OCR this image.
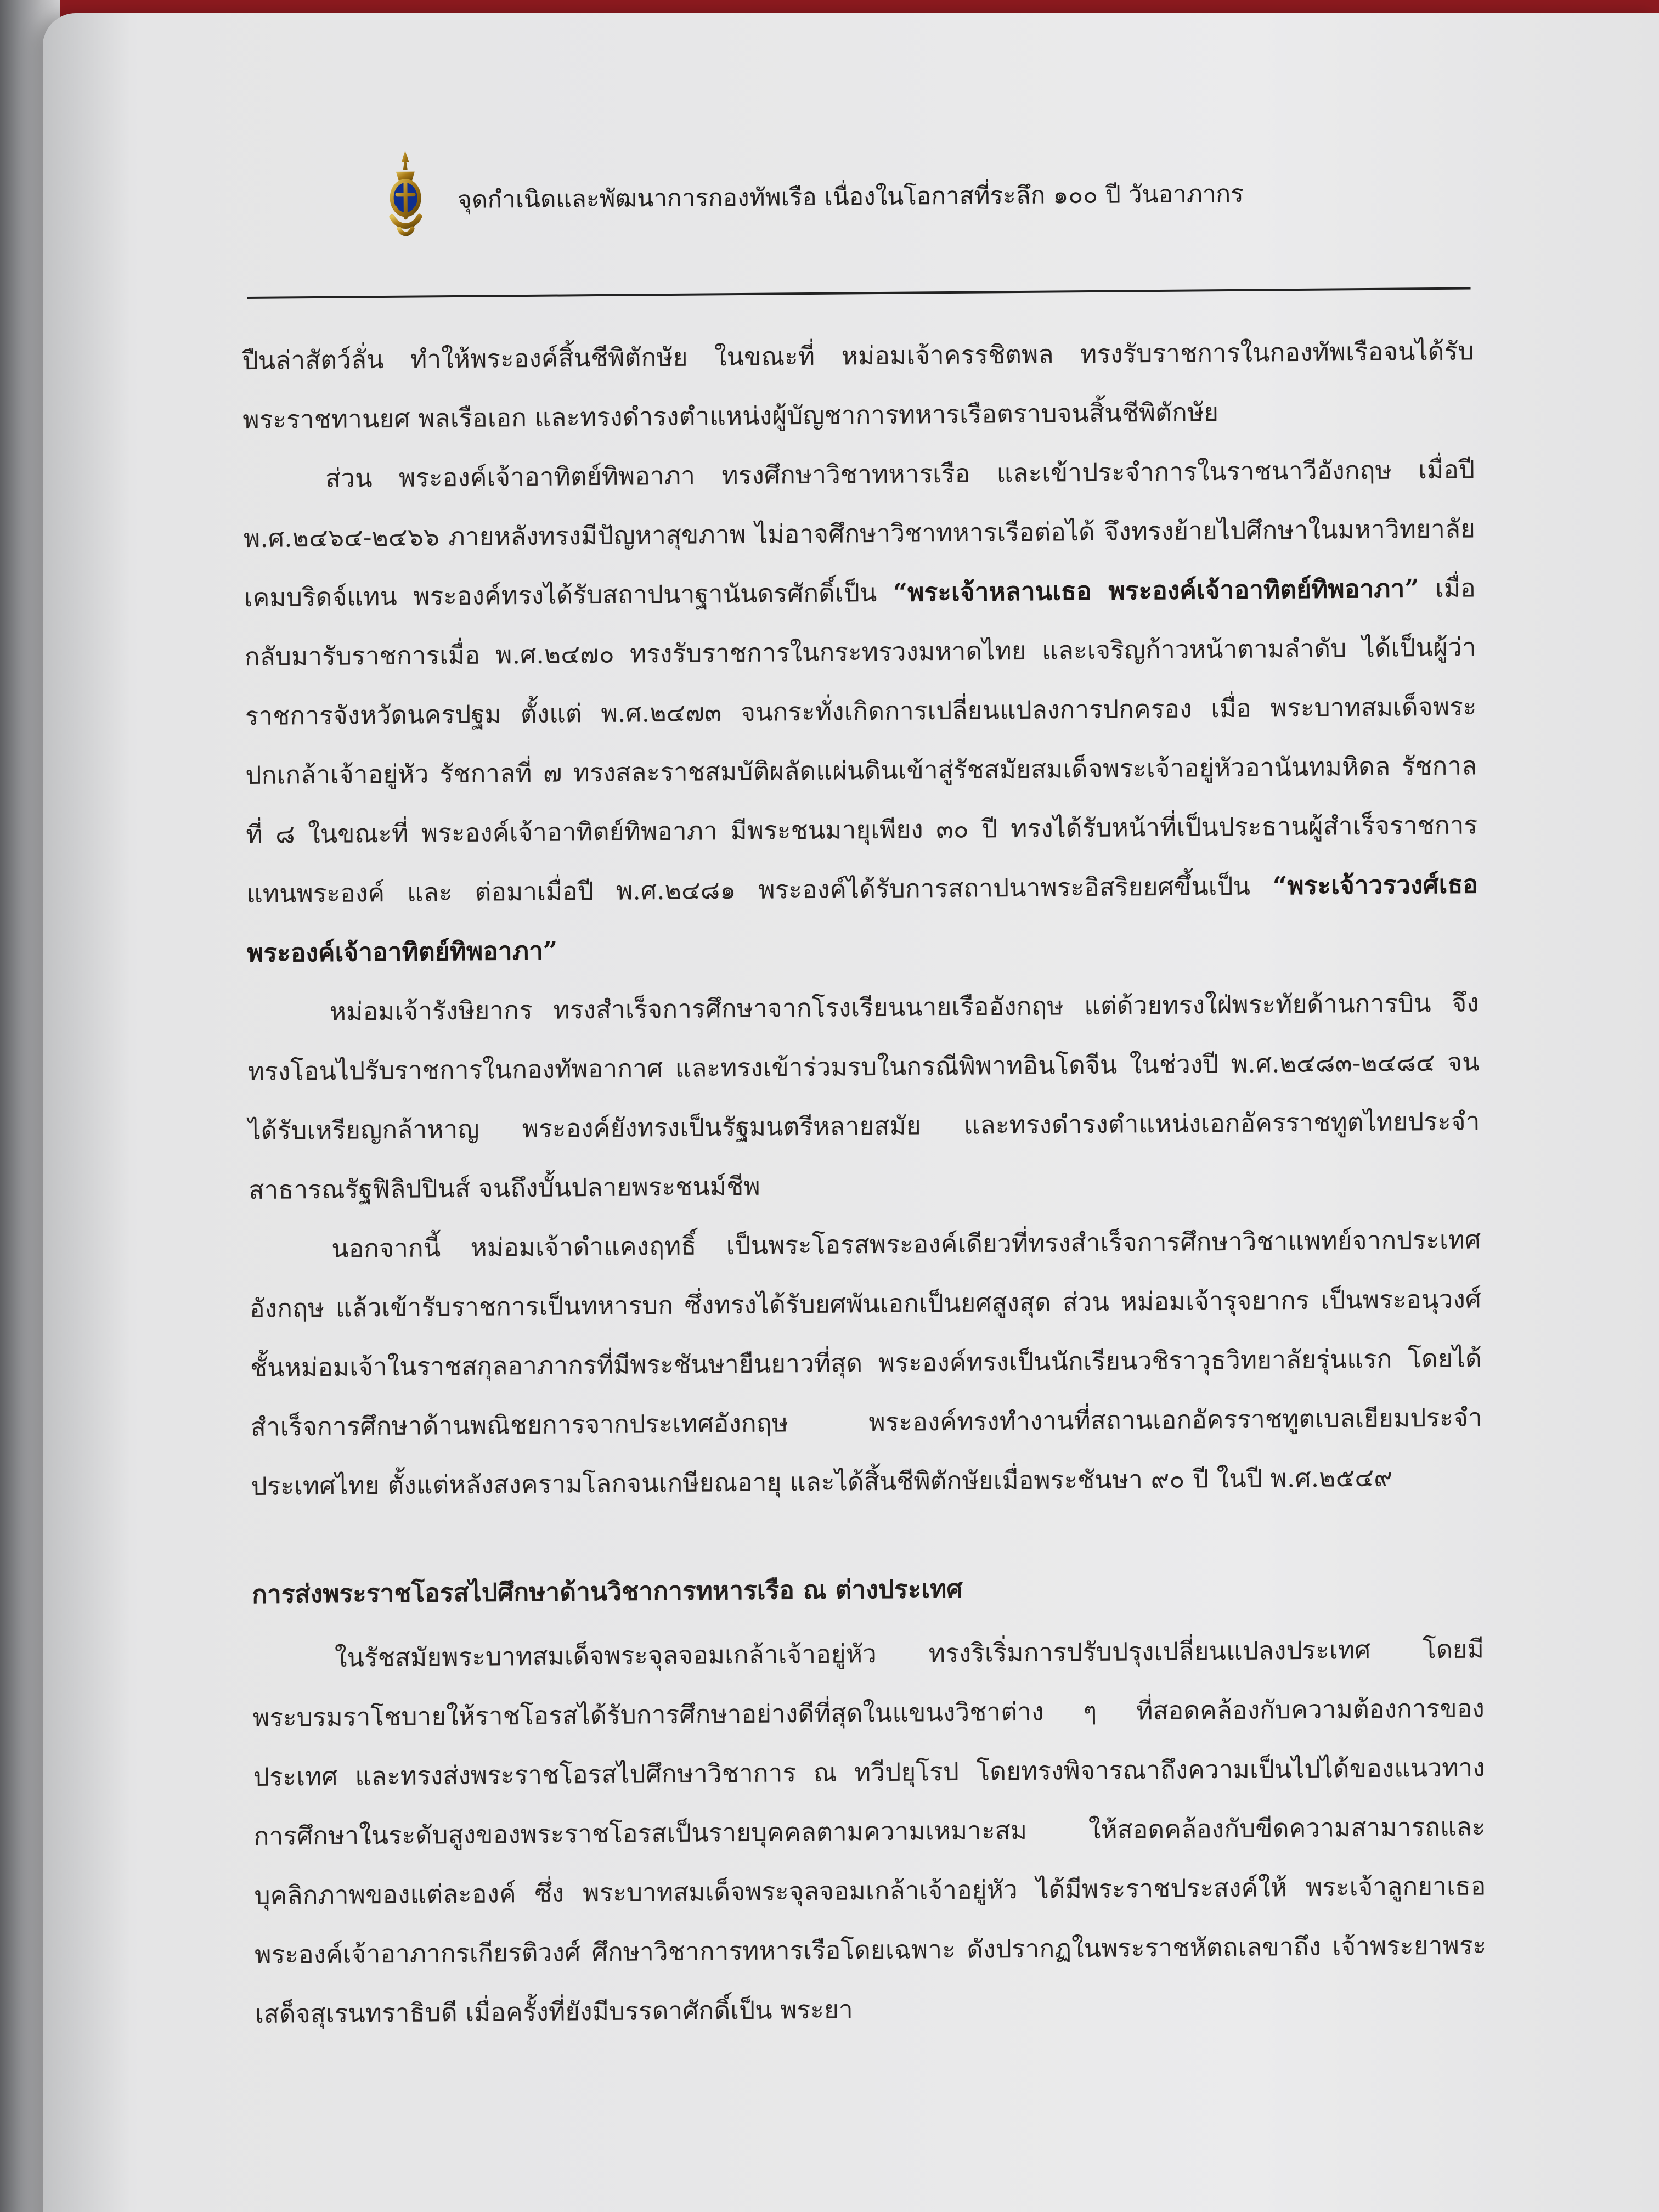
จุดกำเนิดและพัฒนาการกองทัพเรือ เนื่องในโอกาสที่ระลึก ๑๐๐ ปี วันอาภากร

ปืนล่าสัตว์ลั่น ทำให้พระองค์สิ้นชีพิตักษัย ในขณะที่ หม่อมเจ้าครรชิตพล ทรงรับราชการในกองทัพเรือจนได้รับพระราชทานยศ พลเรือเอก และทรงดำรงตำแหน่งผู้บัญชาการทหารเรือตราบจนสิ้นชีพิตักษัย

ส่วน พระองค์เจ้าอาทิตย์ทิพอาภา ทรงศึกษาวิชาทหารเรือ และเข้าประจำการในราชนาวีอังกฤษ เมื่อปี พ.ศ.๒๔๖๔-๒๔๖๖ ภายหลังทรงมีปัญหาสุขภาพ ไม่อาจศึกษาวิชาทหารเรือต่อได้ จึงทรงย้ายไปศึกษาในมหาวิทยาลัยเคมบริดจ์แทน พระองค์ทรงได้รับสถาปนาฐานันดรศักดิ์เป็น “พระเจ้าหลานเธอ พระองค์เจ้าอาทิตย์ทิพอาภา” เมื่อกลับมารับราชการเมื่อ พ.ศ.๒๔๗๐ ทรงรับราชการในกระทรวงมหาดไทย และเจริญก้าวหน้าตามลำดับ ได้เป็นผู้ว่าราชการจังหวัดนครปฐม ตั้งแต่ พ.ศ.๒๔๗๓ จนกระทั่งเกิดการเปลี่ยนแปลงการปกครอง เมื่อ พระบาทสมเด็จพระปกเกล้าเจ้าอยู่หัว รัชกาลที่ ๗ ทรงสละราชสมบัติผลัดแผ่นดินเข้าสู่รัชสมัยสมเด็จพระเจ้าอยู่หัวอานันทมหิดล รัชกาลที่ ๘ ในขณะที่ พระองค์เจ้าอาทิตย์ทิพอาภา มีพระชนมายุเพียง ๓๐ ปี ทรงได้รับหน้าที่เป็นประธานผู้สำเร็จราชการแทนพระองค์ และ ต่อมาเมื่อปี พ.ศ.๒๔๘๑ พระองค์ได้รับการสถาปนาพระอิสริยยศขึ้นเป็น “พระเจ้าวรวงศ์เธอ พระองค์เจ้าอาทิตย์ทิพอาภา”

หม่อมเจ้ารังษิยากร ทรงสำเร็จการศึกษาจากโรงเรียนนายเรืออังกฤษ แต่ด้วยทรงใฝ่พระทัยด้านการบิน จึงทรงโอนไปรับราชการในกองทัพอากาศ และทรงเข้าร่วมรบในกรณีพิพาทอินโดจีน ในช่วงปี พ.ศ.๒๔๘๓-๒๔๘๔ จนได้รับเหรียญกล้าหาญ พระองค์ยังทรงเป็นรัฐมนตรีหลายสมัย และทรงดำรงตำแหน่งเอกอัครราชทูตไทยประจำสาธารณรัฐฟิลิปปินส์ จนถึงบั้นปลายพระชนม์ชีพ

นอกจากนี้ หม่อมเจ้าดำแคงฤทธิ์ เป็นพระโอรสพระองค์เดียวที่ทรงสำเร็จการศึกษาวิชาแพทย์จากประเทศอังกฤษ แล้วเข้ารับราชการเป็นทหารบก ซึ่งทรงได้รับยศพันเอกเป็นยศสูงสุด ส่วน หม่อมเจ้ารุจยากร เป็นพระอนุวงศ์ชั้นหม่อมเจ้าในราชสกุลอาภากรที่มีพระชันษายืนยาวที่สุด พระองค์ทรงเป็นนักเรียนวชิราวุธวิทยาลัยรุ่นแรก โดยได้สำเร็จการศึกษาด้านพณิชยการจากประเทศอังกฤษ พระองค์ทรงทำงานที่สถานเอกอัครราชทูตเบลเยียมประจำประเทศไทย ตั้งแต่หลังสงครามโลกจนเกษียณอายุ และได้สิ้นชีพิตักษัยเมื่อพระชันษา ๙๐ ปี ในปี พ.ศ.๒๕๔๙

การส่งพระราชโอรสไปศึกษาด้านวิชาการทหารเรือ ณ ต่างประเทศ

ในรัชสมัยพระบาทสมเด็จพระจุลจอมเกล้าเจ้าอยู่หัว ทรงริเริ่มการปรับปรุงเปลี่ยนแปลงประเทศ โดยมีพระบรมราโชบายให้ราชโอรสได้รับการศึกษาอย่างดีที่สุดในแขนงวิชาต่าง ๆ ที่สอดคล้องกับความต้องการของประเทศ และทรงส่งพระราชโอรสไปศึกษาวิชาการ ณ ทวีปยุโรป โดยทรงพิจารณาถึงความเป็นไปได้ของแนวทางการศึกษาในระดับสูงของพระราชโอรสเป็นรายบุคคลตามความเหมาะสม ให้สอดคล้องกับขีดความสามารถและบุคลิกภาพของแต่ละองค์ ซึ่ง พระบาทสมเด็จพระจุลจอมเกล้าเจ้าอยู่หัว ได้มีพระราชประสงค์ให้ พระเจ้าลูกยาเธอ พระองค์เจ้าอาภากรเกียรติวงศ์ ศึกษาวิชาการทหารเรือโดยเฉพาะ ดังปรากฏในพระราชหัตถเลขาถึง เจ้าพระยาพระเสด็จสุเรนทราธิบดี เมื่อครั้งที่ยังมีบรรดาศักดิ์เป็น พระยา
